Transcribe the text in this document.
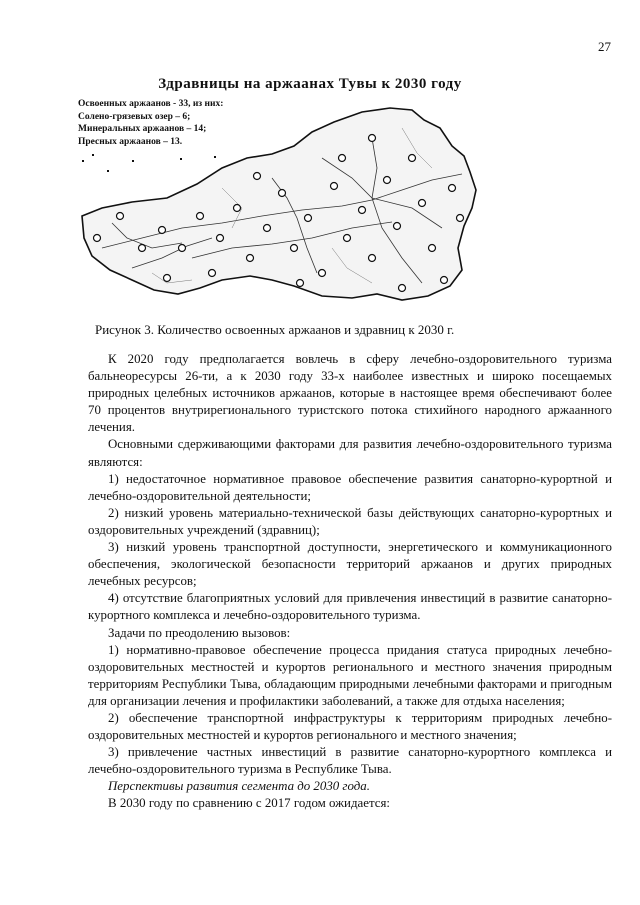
27
Здравницы на аржаанах Тувы к 2030 году
Освоенных аржаанов - 33, из них:
Солено-грязевых озер – 6;
Минеральных аржаанов – 14;
Пресных аржаанов – 13.
Рисунок 3. Количество освоенных аржаанов и здравниц к 2030 г.

К 2020 году предполагается вовлечь в сферу лечебно-оздоровительного туризма бальнеоресурсы 26-ти, а к 2030 году 33-х наиболее известных и широко посещаемых природных целебных источников аржаанов, которые в настоящее время обеспечивают более 70 процентов внутрирегионального туристского потока стихийного народного аржаанного лечения.

Основными сдерживающими факторами для развития лечебно-оздоровительного туризма являются:

1) недостаточное нормативное правовое обеспечение развития санаторно-курортной и лечебно-оздоровительной деятельности;

2) низкий уровень материально-технической базы действующих санаторно-курортных и оздоровительных учреждений (здравниц);

3) низкий уровень транспортной доступности, энергетического и коммуникационного обеспечения, экологической безопасности территорий аржаанов и других природных лечебных ресурсов;

4) отсутствие благоприятных условий для привлечения инвестиций в развитие санаторно-курортного комплекса и лечебно-оздоровительного туризма.

Задачи по преодолению вызовов:

1) нормативно-правовое обеспечение процесса придания статуса природных лечебно-оздоровительных местностей и курортов регионального и местного значения природным территориям Республики Тыва, обладающим природными лечебными факторами и пригодным для организации лечения и профилактики заболеваний, а также для отдыха населения;

2) обеспечение транспортной инфраструктуры к территориям природных лечебно-оздоровительных местностей и курортов регионального и местного значения;

3) привлечение частных инвестиций в развитие санаторно-курортного комплекса и лечебно-оздоровительного туризма в Республике Тыва.

Перспективы развития сегмента до 2030 года.

В 2030 году по сравнению с 2017 годом ожидается:
